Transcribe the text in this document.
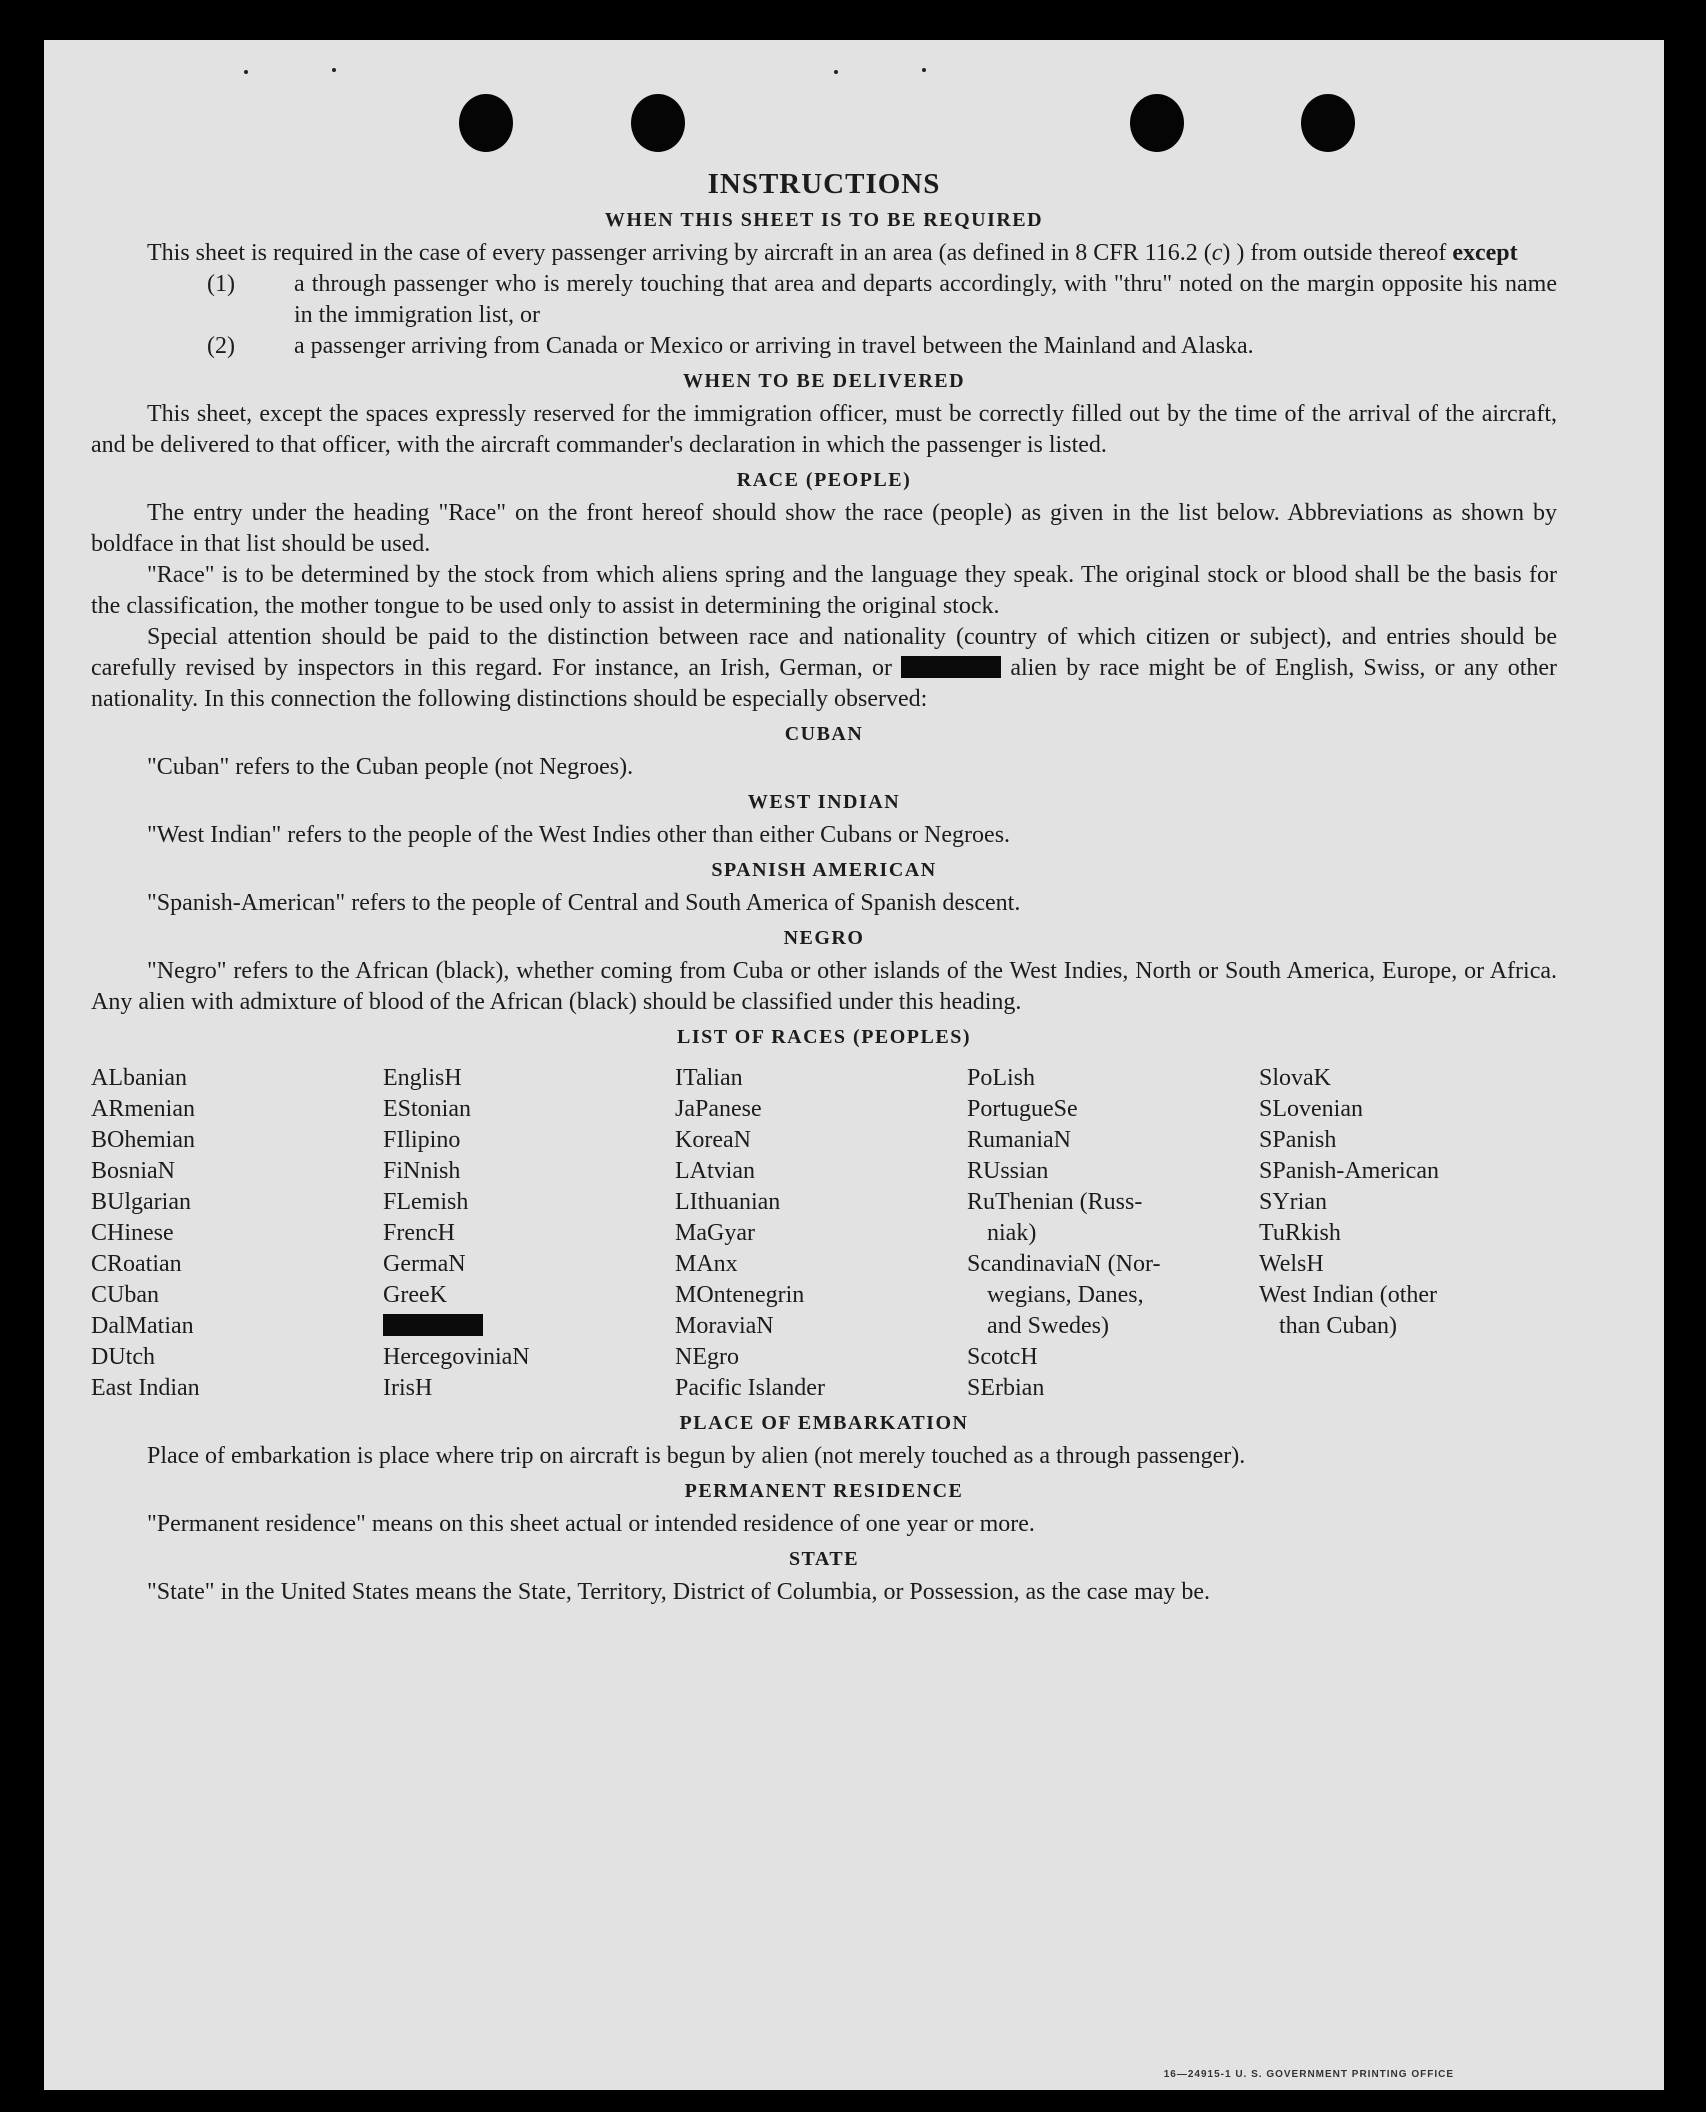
INSTRUCTIONS
WHEN THIS SHEET IS TO BE REQUIRED

This sheet is required in the case of every passenger arriving by aircraft in an area (as defined in 8 CFR 116.2 (c) ) from outside thereof except

(1) a through passenger who is merely touching that area and departs accordingly, with "thru" noted on the margin opposite his name in the immigration list, or
(2) a passenger arriving from Canada or Mexico or arriving in travel between the Mainland and Alaska.
WHEN TO BE DELIVERED

This sheet, except the spaces expressly reserved for the immigration officer, must be correctly filled out by the time of the arrival of the aircraft, and be delivered to that officer, with the aircraft commander's declaration in which the passenger is listed.

RACE (PEOPLE)

The entry under the heading "Race" on the front hereof should show the race (people) as given in the list below. Abbreviations as shown by boldface in that list should be used.

"Race" is to be determined by the stock from which aliens spring and the language they speak. The original stock or blood shall be the basis for the classification, the mother tongue to be used only to assist in determining the original stock.

Special attention should be paid to the distinction between race and nationality (country of which citizen or subject), and entries should be carefully revised by inspectors in this regard. For instance, an Irish, German, or	alien by race might be of English, Swiss, or any other nationality. In this connection the following distinctions should be especially observed:

CUBAN

"Cuban" refers to the Cuban people (not Negroes).

WEST INDIAN

"West Indian" refers to the people of the West Indies other than either Cubans or Negroes.

SPANISH AMERICAN

"Spanish-American" refers to the people of Central and South America of Spanish descent.

NEGRO

"Negro" refers to the African (black), whether coming from Cuba or other islands of the West Indies, North or South America, Europe, or Africa. Any alien with admixture of blood of the African (black) should be classified under this heading.

LIST OF RACES (PEOPLES)
ALbanian
ARmenian
BOhemian
BosniaN
BUlgarian
CHinese
CRoatian
CUban
DalMatian
DUtch
East Indian
EnglisH
EStonian
FIlipino
FiNnish
FLemish
FrencH
GermaN
GreeK
HercegoviniaN
IrisH
ITalian
JaPanese
KoreaN
LAtvian
LIthuanian
MaGyar
MAnx
MOntenegrin
MoraviaN
NEgro
Pacific Islander
PoLish
PortugueSe
RumaniaN
RUssian
RuThenian (Russ-
niak)
ScandinaviaN (Nor-
wegians, Danes,
and Swedes)
ScotcH
SErbian
SlovaK
SLovenian
SPanish
SPanish-American
SYrian
TuRkish
WelsH
West Indian (other
than Cuban)
PLACE OF EMBARKATION

Place of embarkation is place where trip on aircraft is begun by alien (not merely touched as a through passenger).

PERMANENT RESIDENCE

"Permanent residence" means on this sheet actual or intended residence of one year or more.

STATE

"State" in the United States means the State, Territory, District of Columbia, or Possession, as the case may be.

16—24915-1 U. S. GOVERNMENT PRINTING OFFICE
